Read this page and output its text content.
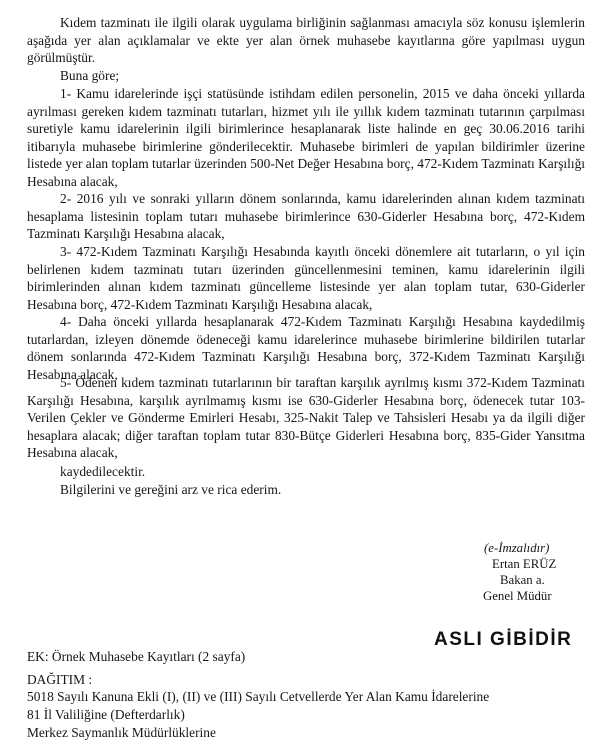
Kıdem tazminatı ile ilgili olarak uygulama birliğinin sağlanması amacıyla söz konusu işlemlerin aşağıda yer alan açıklamalar ve ekte yer alan örnek muhasebe kayıtlarına göre yapılması uygun görülmüştür.

Buna göre;

1- Kamu idarelerinde işçi statüsünde istihdam edilen personelin, 2015 ve daha önceki yıllarda ayrılması gereken kıdem tazminatı tutarları, hizmet yılı ile yıllık kıdem tazminatı tutarının çarpılması suretiyle kamu idarelerinin ilgili birimlerince hesaplanarak liste halinde en geç 30.06.2016 tarihi itibarıyla muhasebe birimlerine gönderilecektir. Muhasebe birimleri de yapılan bildirimler üzerine listede yer alan toplam tutarlar üzerinden 500-Net Değer Hesabına borç, 472-Kıdem Tazminatı Karşılığı Hesabına alacak,

2- 2016 yılı ve sonraki yılların dönem sonlarında, kamu idarelerinden alınan kıdem tazminatı hesaplama listesinin toplam tutarı muhasebe birimlerince 630-Giderler Hesabına borç, 472-Kıdem Tazminatı Karşılığı Hesabına alacak,

3- 472-Kıdem Tazminatı Karşılığı Hesabında kayıtlı önceki dönemlere ait tutarların, o yıl için belirlenen kıdem tazminatı tutarı üzerinden güncellenmesini teminen, kamu idarelerinin ilgili birimlerinden alınan kıdem tazminatı güncelleme listesinde yer alan toplam tutar, 630-Giderler Hesabına borç, 472-Kıdem Tazminatı Karşılığı Hesabına alacak,

4- Daha önceki yıllarda hesaplanarak 472-Kıdem Tazminatı Karşılığı Hesabına kaydedilmiş tutarlardan, izleyen dönemde ödeneceği kamu idarelerince muhasebe birimlerine bildirilen tutarlar dönem sonlarında 472-Kıdem Tazminatı Karşılığı Hesabına borç, 372-Kıdem Tazminatı Karşılığı Hesabına alacak,

5- Ödenen kıdem tazminatı tutarlarının bir taraftan karşılık ayrılmış kısmı 372-Kıdem Tazminatı Karşılığı Hesabına, karşılık ayrılmamış kısmı ise 630-Giderler Hesabına borç, ödenecek tutar 103-Verilen Çekler ve Gönderme Emirleri Hesabı, 325-Nakit Talep ve Tahsisleri Hesabı ya da ilgili diğer hesaplara alacak; diğer taraftan toplam tutar 830-Bütçe Giderleri Hesabına borç, 835-Gider Yansıtma Hesabına alacak,

kaydedilecektir.

Bilgilerini ve gereğini arz ve rica ederim.

(e-İmzalıdır)
Ertan ERÜZ
Bakan a.
Genel Müdür
ASLI GİBİDİR
EK: Örnek Muhasebe Kayıtları (2 sayfa)
DAĞITIM :
5018 Sayılı Kanuna Ekli (I), (II) ve (III) Sayılı Cetvellerde Yer Alan Kamu İdarelerine
81 İl Valiliğine (Defterdarlık)
Merkez Saymanlık Müdürlüklerine
